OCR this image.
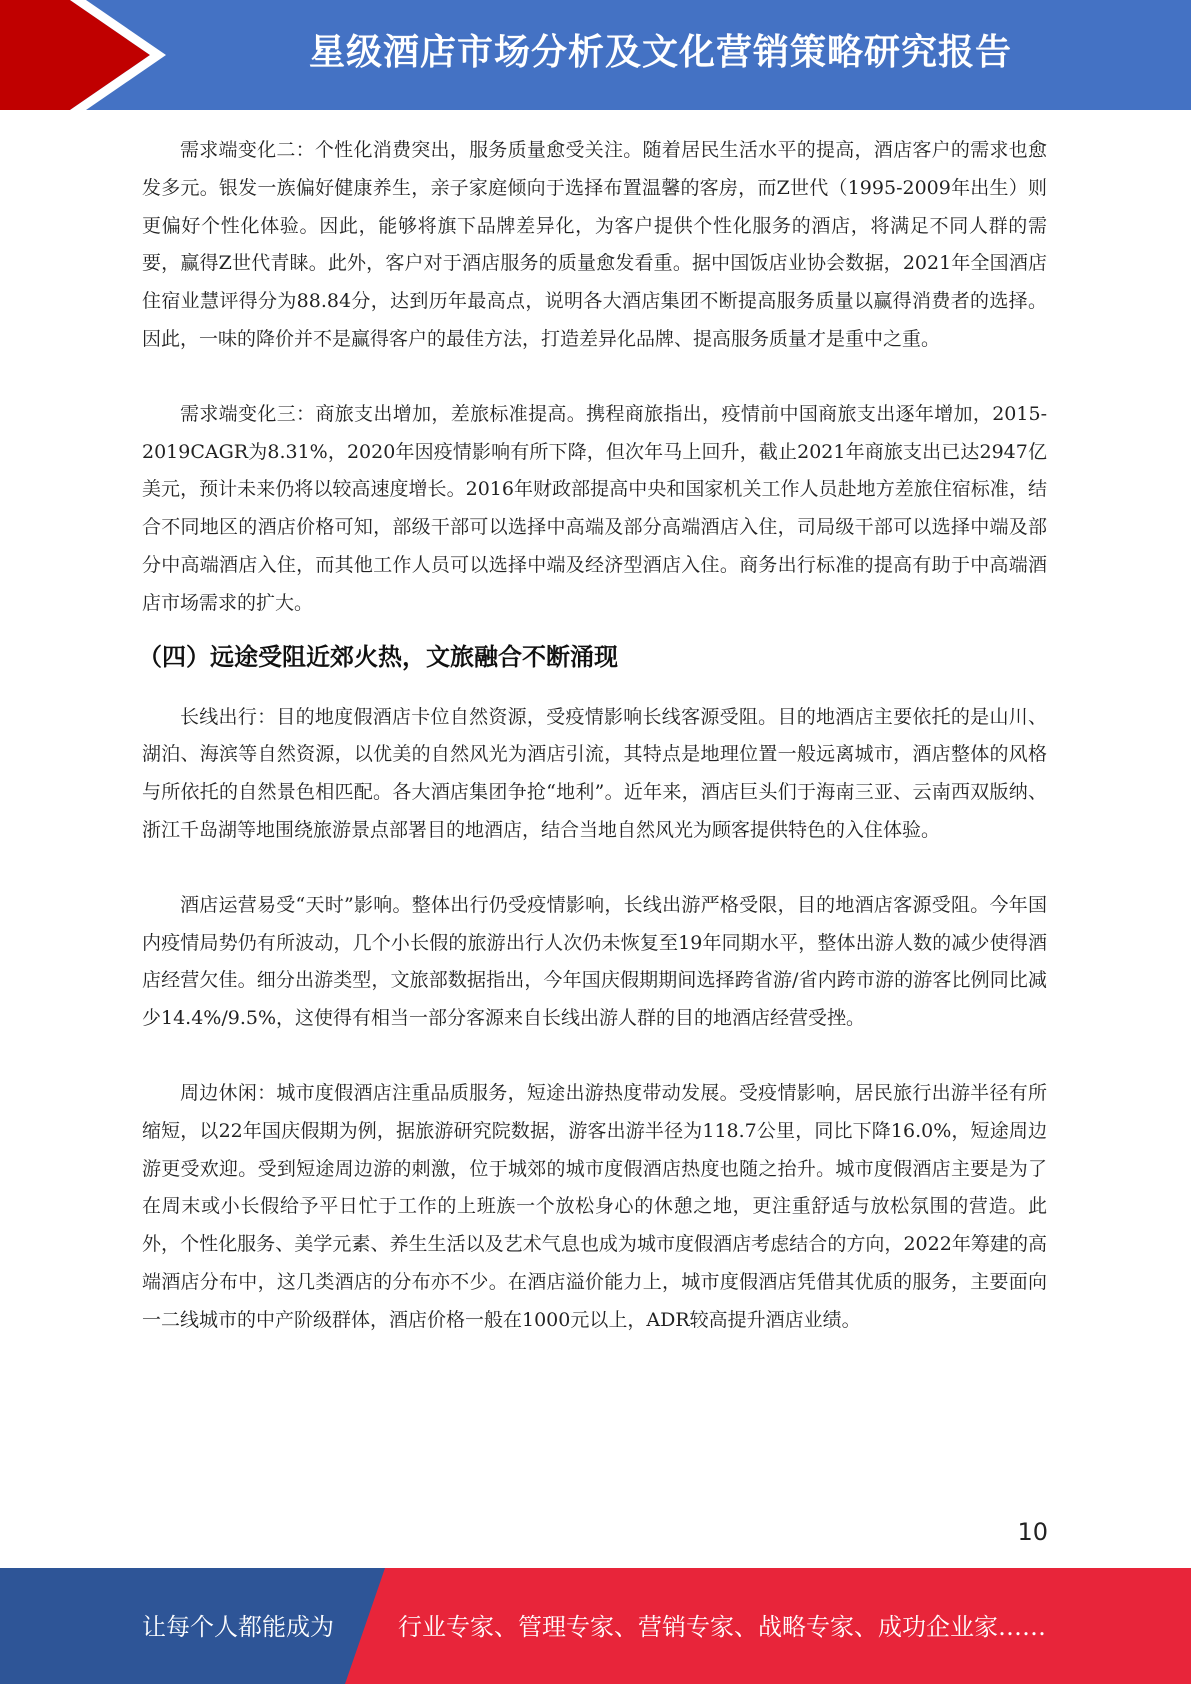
星级酒店市场分析及文化营销策略研究报告

需求端变化二：个性化消费突出，服务质量愈受关注。随着居民生活水平的提高，酒店客户的需求也愈发多元。银发一族偏好健康养生，亲子家庭倾向于选择布置温馨的客房，而Z世代（1995-2009年出生）则更偏好个性化体验。因此，能够将旗下品牌差异化，为客户提供个性化服务的酒店，将满足不同人群的需要，赢得Z世代青睐。此外，客户对于酒店服务的质量愈发看重。据中国饭店业协会数据，2021年全国酒店住宿业慧评得分为88.84分，达到历年最高点，说明各大酒店集团不断提高服务质量以赢得消费者的选择。因此，一味的降价并不是赢得客户的最佳方法，打造差异化品牌、提高服务质量才是重中之重。

需求端变化三：商旅支出增加，差旅标准提高。携程商旅指出，疫情前中国商旅支出逐年增加，2015-2019CAGR为8.31%，2020年因疫情影响有所下降，但次年马上回升，截止2021年商旅支出已达2947亿美元，预计未来仍将以较高速度增长。2016年财政部提高中央和国家机关工作人员赴地方差旅住宿标准，结合不同地区的酒店价格可知，部级干部可以选择中高端及部分高端酒店入住，司局级干部可以选择中端及部分中高端酒店入住，而其他工作人员可以选择中端及经济型酒店入住。商务出行标准的提高有助于中高端酒店市场需求的扩大。

（四）远途受阻近郊火热，文旅融合不断涌现

长线出行：目的地度假酒店卡位自然资源，受疫情影响长线客源受阻。目的地酒店主要依托的是山川、湖泊、海滨等自然资源，以优美的自然风光为酒店引流，其特点是地理位置一般远离城市，酒店整体的风格与所依托的自然景色相匹配。各大酒店集团争抢“地利”。近年来，酒店巨头们于海南三亚、云南西双版纳、浙江千岛湖等地围绕旅游景点部署目的地酒店，结合当地自然风光为顾客提供特色的入住体验。

酒店运营易受“天时”影响。整体出行仍受疫情影响，长线出游严格受限，目的地酒店客源受阻。今年国内疫情局势仍有所波动，几个小长假的旅游出行人次仍未恢复至19年同期水平，整体出游人数的减少使得酒店经营欠佳。细分出游类型，文旅部数据指出，今年国庆假期期间选择跨省游/省内跨市游的游客比例同比减少14.4%/9.5%，这使得有相当一部分客源来自长线出游人群的目的地酒店经营受挫。

周边休闲：城市度假酒店注重品质服务，短途出游热度带动发展。受疫情影响，居民旅行出游半径有所缩短，以22年国庆假期为例，据旅游研究院数据，游客出游半径为118.7公里，同比下降16.0%，短途周边游更受欢迎。受到短途周边游的刺激，位于城郊的城市度假酒店热度也随之抬升。城市度假酒店主要是为了在周末或小长假给予平日忙于工作的上班族一个放松身心的休憩之地，更注重舒适与放松氛围的营造。此外，个性化服务、美学元素、养生生活以及艺术气息也成为城市度假酒店考虑结合的方向，2022年筹建的高端酒店分布中，这几类酒店的分布亦不少。在酒店溢价能力上，城市度假酒店凭借其优质的服务，主要面向一二线城市的中产阶级群体，酒店价格一般在1000元以上，ADR较高提升酒店业绩。

10
让每个人都能成为	行业专家、管理专家、营销专家、战略专家、成功企业家……
